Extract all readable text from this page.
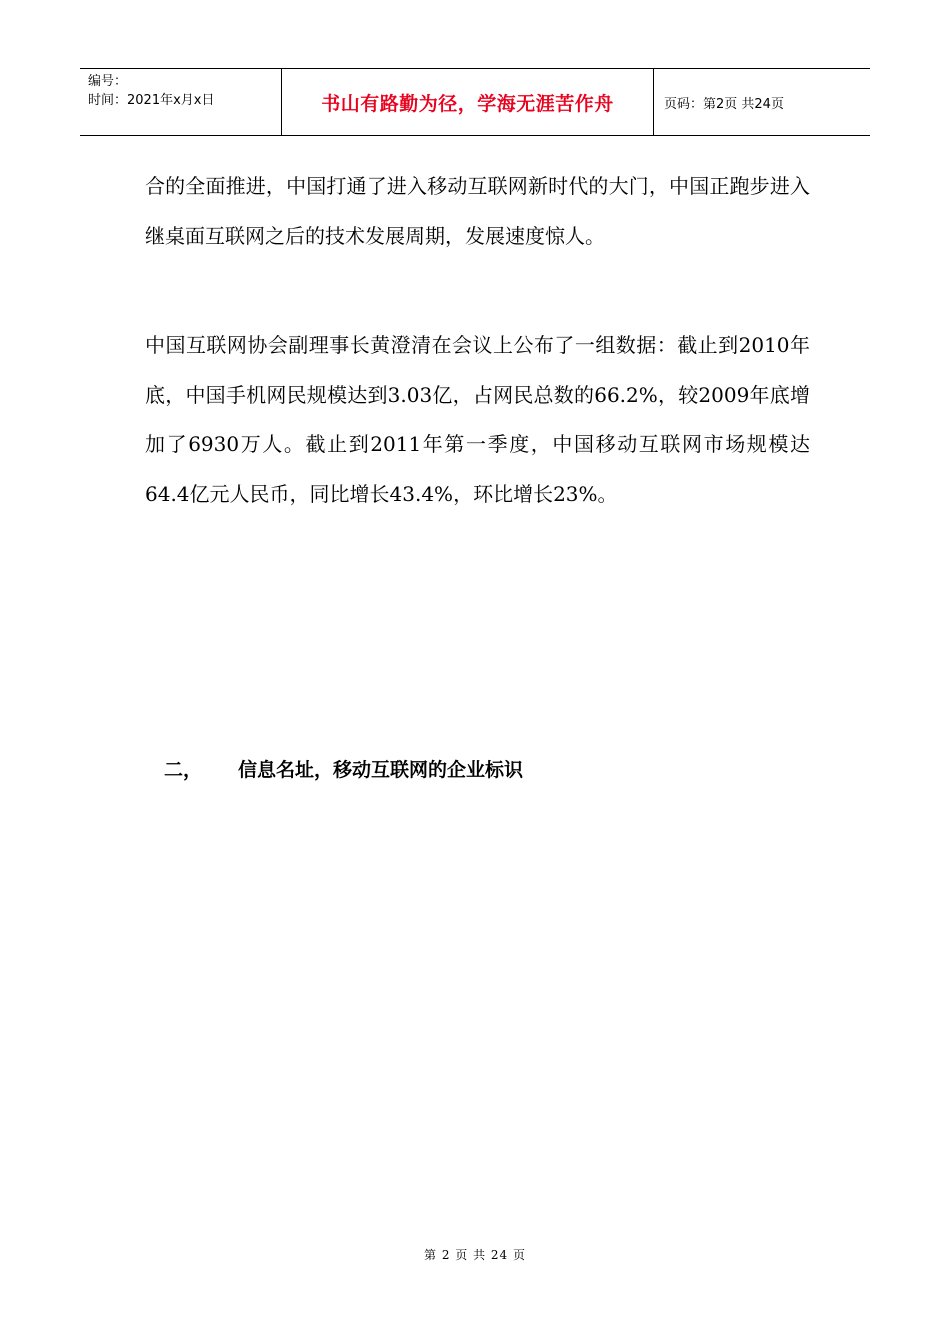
编号：
时间：2021年x月x日	书山有路勤为径，学海无涯苦作舟	页码：第2页 共24页

合的全面推进，中国打通了进入移动互联网新时代的大门，中国正跑步进入继桌面互联网之后的技术发展周期，发展速度惊人。

中国互联网协会副理事长黄澄清在会议上公布了一组数据：截止到2010年底，中国手机网民规模达到3.03亿，占网民总数的66.2%，较2009年底增加了6930万人。截止到2011年第一季度，中国移动互联网市场规模达64.4亿元人民币，同比增长43.4%，环比增长23%。

二，	信息名址，移动互联网的企业标识
第 2 页 共 24 页
